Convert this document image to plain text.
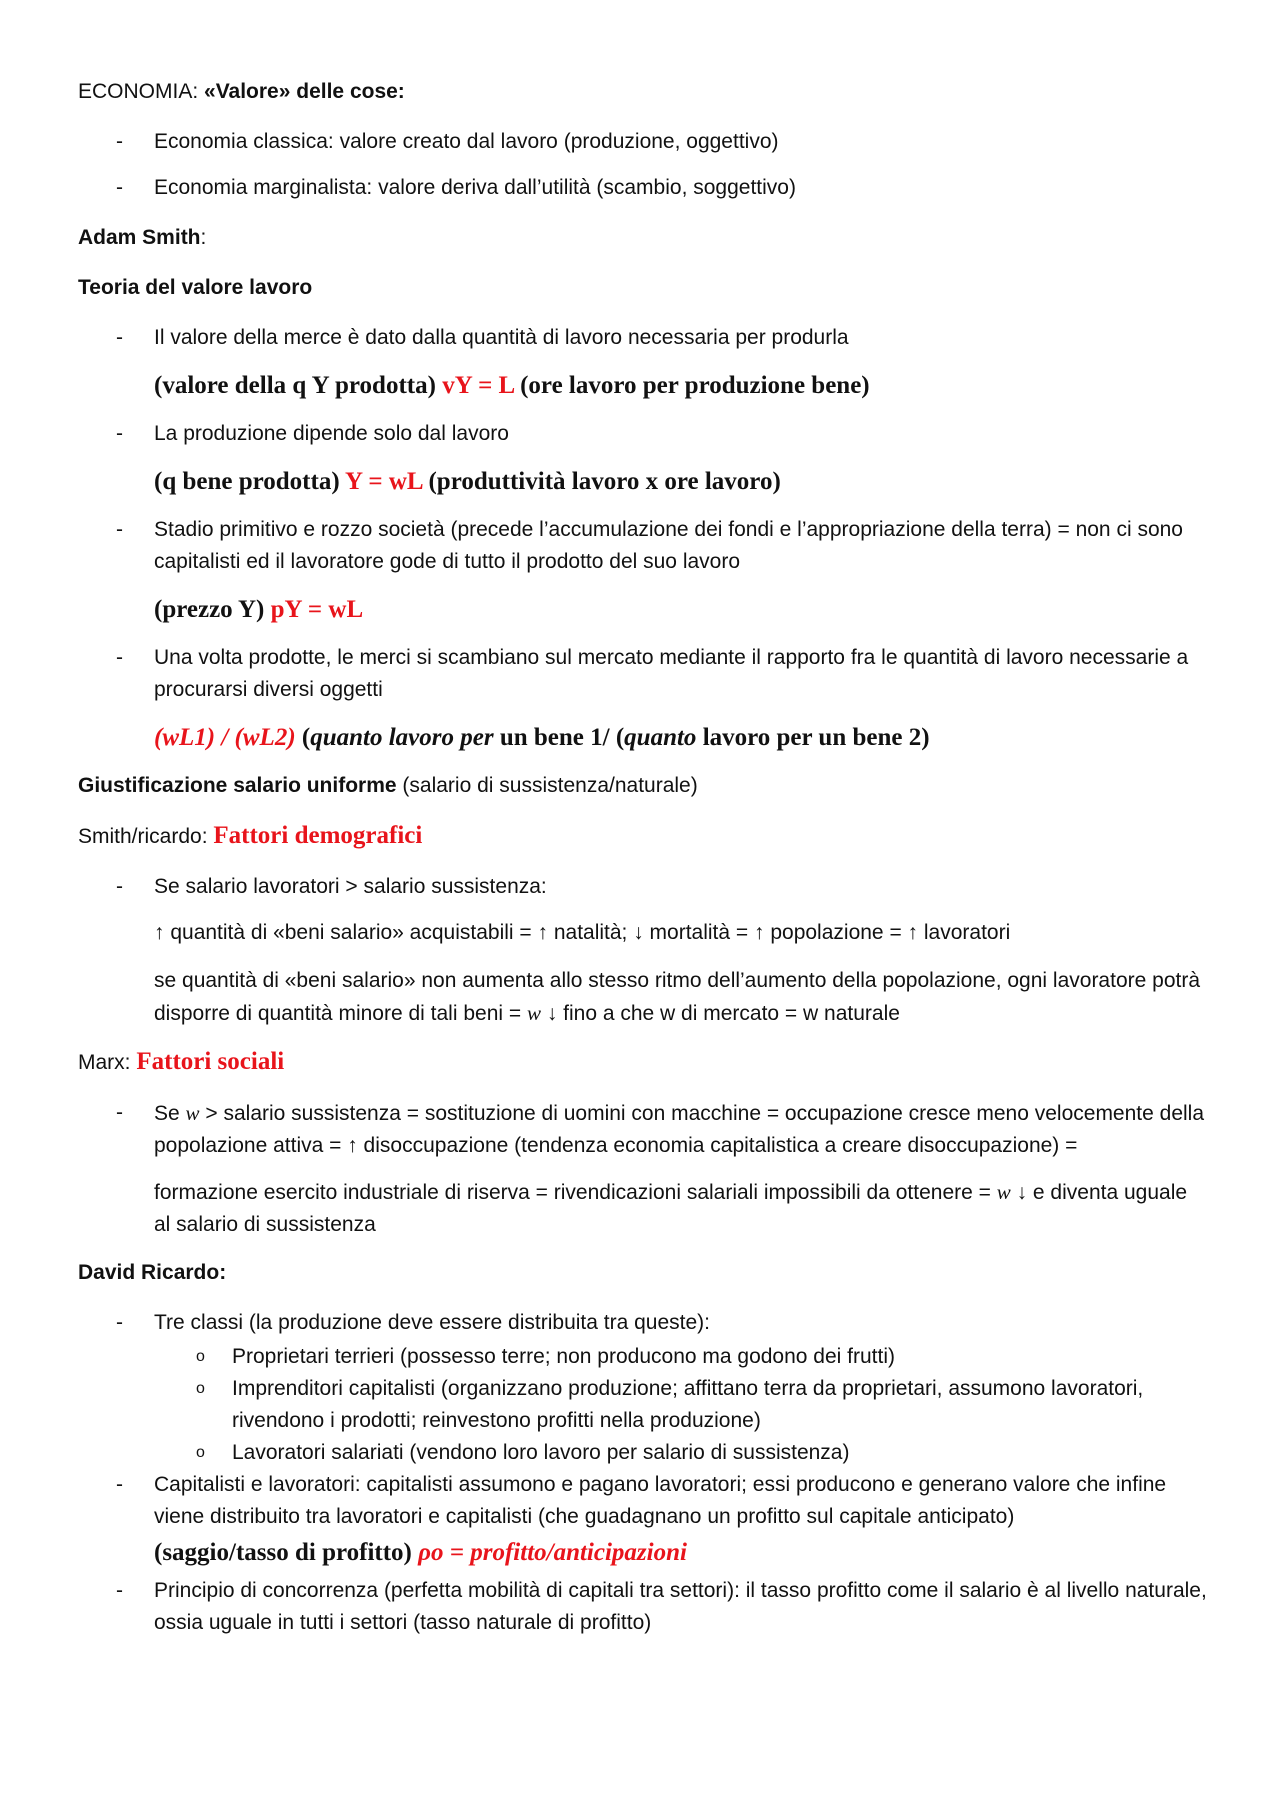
ECONOMIA: «Valore» delle cose:
- Economia classica: valore creato dal lavoro (produzione, oggettivo)
- Economia marginalista: valore deriva dall’utilità (scambio, soggettivo)
Adam Smith:
Teoria del valore lavoro
- Il valore della merce è dato dalla quantità di lavoro necessaria per produrla
(valore della q Y prodotta) vY = L (ore lavoro per produzione bene)
- La produzione dipende solo dal lavoro
(q bene prodotta) Y = wL (produttività lavoro x ore lavoro)
- Stadio primitivo e rozzo società (precede l’accumulazione dei fondi e l’appropriazione della terra) = non ci sono capitalisti ed il lavoratore gode di tutto il prodotto del suo lavoro
(prezzo Y) pY = wL
- Una volta prodotte, le merci si scambiano sul mercato mediante il rapporto fra le quantità di lavoro necessarie a procurarsi diversi oggetti
(wL1) / (wL2) (quanto lavoro per un bene 1/ (quanto lavoro per un bene 2)
Giustificazione salario uniforme (salario di sussistenza/naturale)
Smith/ricardo: Fattori demografici
- Se salario lavoratori > salario sussistenza:
↑ quantità di «beni salario» acquistabili = ↑ natalità; ↓ mortalità = ↑ popolazione = ↑ lavoratori
se quantità di «beni salario» non aumenta allo stesso ritmo dell’aumento della popolazione, ogni lavoratore potrà disporre di quantità minore di tali beni = w ↓ fino a che w di mercato = w naturale
Marx: Fattori sociali
- Se w > salario sussistenza = sostituzione di uomini con macchine = occupazione cresce meno velocemente della popolazione attiva = ↑ disoccupazione (tendenza economia capitalistica a creare disoccupazione) =
formazione esercito industriale di riserva = rivendicazioni salariali impossibili da ottenere = w ↓ e diventa uguale al salario di sussistenza
David Ricardo:
- Tre classi (la produzione deve essere distribuita tra queste):
o Proprietari terrieri (possesso terre; non producono ma godono dei frutti)
o Imprenditori capitalisti (organizzano produzione; affittano terra da proprietari, assumono lavoratori, rivendono i prodotti; reinvestono profitti nella produzione)
o Lavoratori salariati (vendono loro lavoro per salario di sussistenza)
- Capitalisti e lavoratori: capitalisti assumono e pagano lavoratori; essi producono e generano valore che infine viene distribuito tra lavoratori e capitalisti (che guadagnano un profitto sul capitale anticipato)
(saggio/tasso di profitto) ρo = profitto/anticipazioni
- Principio di concorrenza (perfetta mobilità di capitali tra settori): il tasso profitto come il salario è al livello naturale, ossia uguale in tutti i settori (tasso naturale di profitto)
